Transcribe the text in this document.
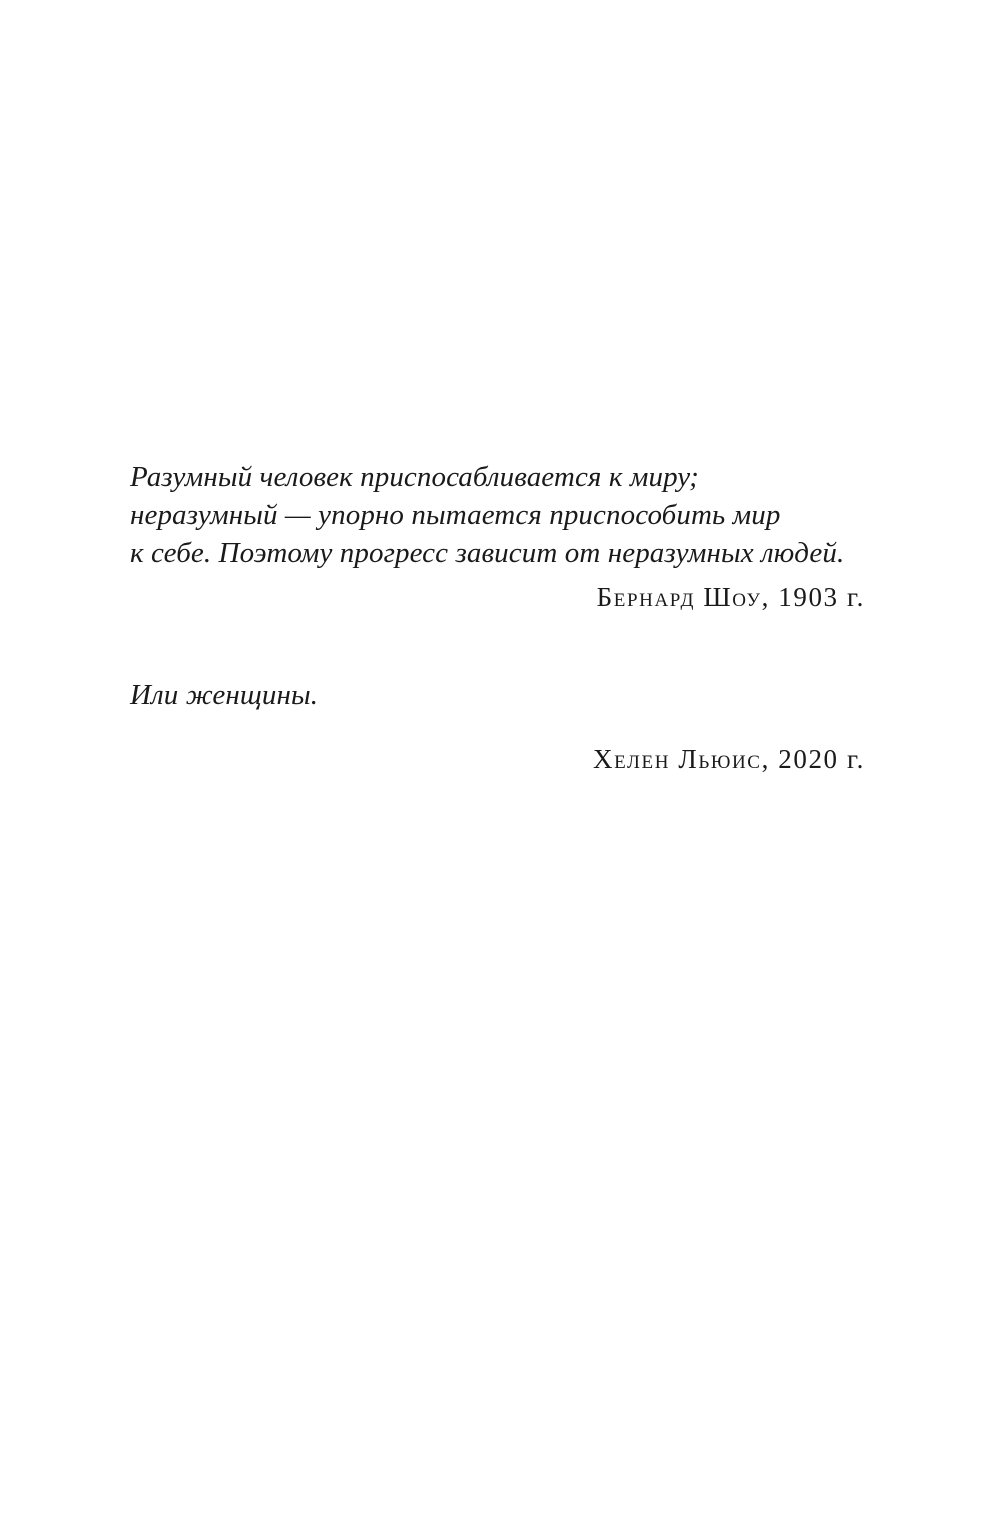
Разумный человек приспосабливается к миру;
неразумный — упорно пытается приспособить мир
к себе. Поэтому прогресс зависит от неразумных людей.
Бернард Шоу, 1903 г.
Или женщины.
Хелен Льюис, 2020 г.
